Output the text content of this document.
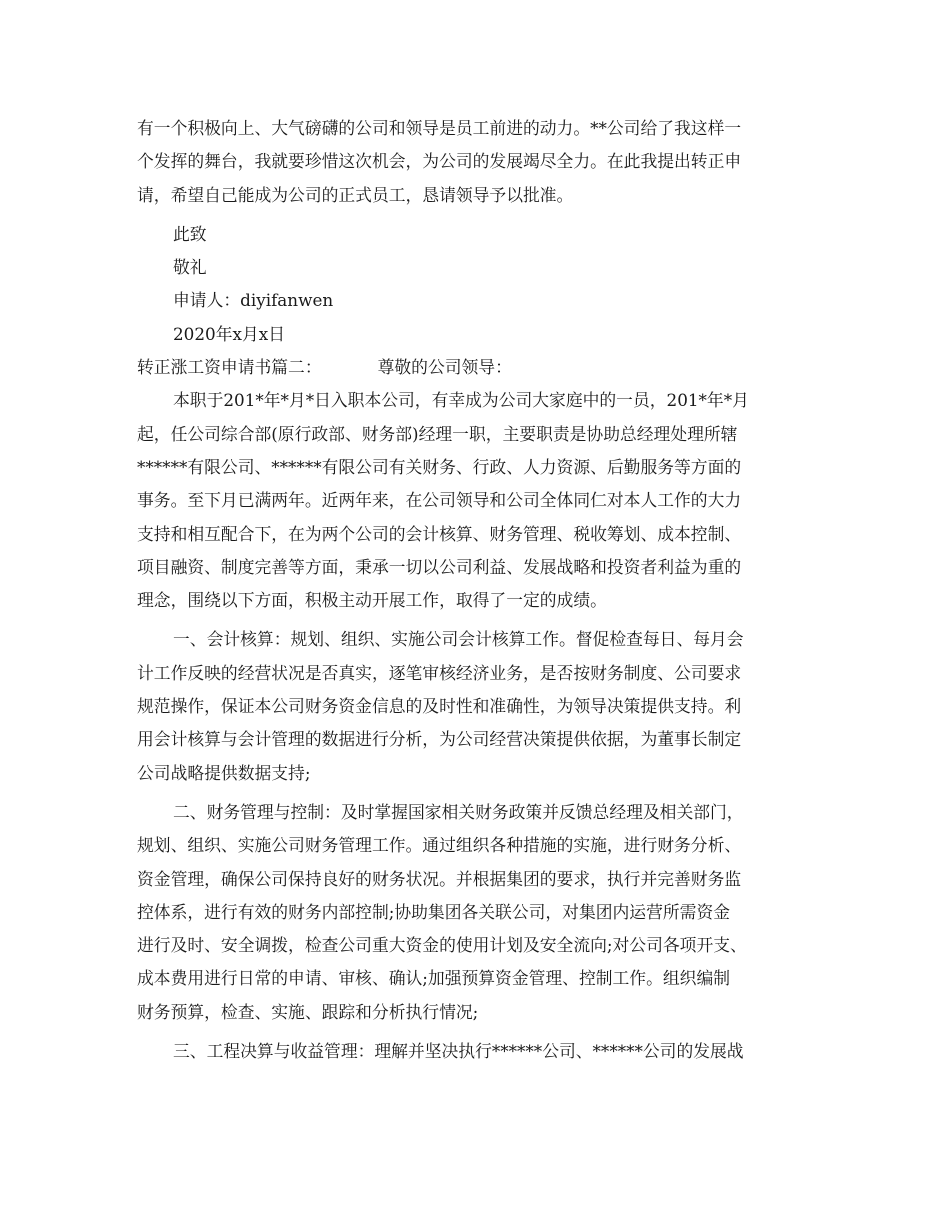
有一个积极向上、大气磅礴的公司和领导是员工前进的动力。**公司给了我这样一
个发挥的舞台，我就要珍惜这次机会，为公司的发展竭尽全力。在此我提出转正申
请，希望自己能成为公司的正式员工，恳请领导予以批准。
此致
敬礼
申请人：diyifanwen
2020年x月x日
转正涨工资申请书篇二：	尊敬的公司领导：
本职于201*年*月*日入职本公司，有幸成为公司大家庭中的一员，201*年*月
起，任公司综合部(原行政部、财务部)经理一职，主要职责是协助总经理处理所辖
******有限公司、******有限公司有关财务、行政、人力资源、后勤服务等方面的
事务。至下月已满两年。近两年来，在公司领导和公司全体同仁对本人工作的大力
支持和相互配合下，在为两个公司的会计核算、财务管理、税收筹划、成本控制、
项目融资、制度完善等方面，秉承一切以公司利益、发展战略和投资者利益为重的
理念，围绕以下方面，积极主动开展工作，取得了一定的成绩。
一、会计核算：规划、组织、实施公司会计核算工作。督促检查每日、每月会
计工作反映的经营状况是否真实，逐笔审核经济业务，是否按财务制度、公司要求
规范操作，保证本公司财务资金信息的及时性和准确性，为领导决策提供支持。利
用会计核算与会计管理的数据进行分析，为公司经营决策提供依据，为董事长制定
公司战略提供数据支持;
二、财务管理与控制：及时掌握国家相关财务政策并反馈总经理及相关部门，
规划、组织、实施公司财务管理工作。通过组织各种措施的实施，进行财务分析、
资金管理，确保公司保持良好的财务状况。并根据集团的要求，执行并完善财务监
控体系，进行有效的财务内部控制;协助集团各关联公司，对集团内运营所需资金
进行及时、安全调拨，检查公司重大资金的使用计划及安全流向;对公司各项开支、
成本费用进行日常的申请、审核、确认;加强预算资金管理、控制工作。组织编制
财务预算，检查、实施、跟踪和分析执行情况;
三、工程决算与收益管理：理解并坚决执行******公司、******公司的发展战
